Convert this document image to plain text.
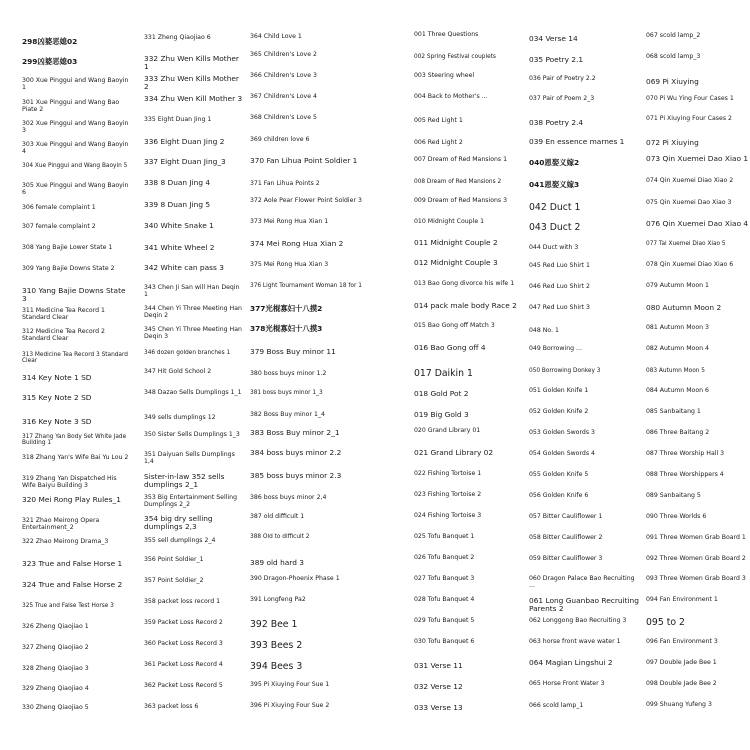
298凶婆恶媳02
299凶婆恶媳03
300 Xue Pinggui and Wang Baoyin 1
301 Xue Pinggui and Wang Bao Piate 2
302 Xue Pinggui and Wang Baoyin 3
303 Xue Pinggui and Wang Baoyin 4
304 Xue Pinggui and Wang Baoyin 5
305 Xue Pinggui and Wang Baoyin 6
306 female complaint 1
307 female complaint 2
308 Yang Bajie Lower State 1
309 Yang Bajie Downs State 2
310 Yang Bajie Downs State 3
311 Medicine Tea Record 1 Standard Clear
312 Medicine Tea Record 2 Standard Clear
313 Medicine Tea Record 3 Standard Clear
314 Key Note 1 SD
315 Key Note 2 SD
316 Key Note 3 SD
317 Zhang Yan Body Set White Jade Building 1
318 Zhang Yan's Wife Bai Yu Lou 2
319 Zhang Yan Dispatched His Wife Baiyu Building 3
320 Mei Rong Play Rules_1
321 Zhao Meirong Opera Entertainment_2
322 Zhao Meirong Drama_3
323 True and False Horse 1
324 True and False Horse 2
325 True and False Test Horse 3
326 Zheng Qiaojiao 1
327 Zheng Qiaojiao 2
328 Zheng Qiaojiao 3
329 Zheng Qiaojiao 4
330 Zheng Qiaojiao 5
331 Zheng Qiaojiao 6
332 Zhu Wen Kills Mother 1
333 Zhu Wen Kills Mother 2
334 Zhu Wen Kill Mother 3
335 Eight Duan Jing 1
336 Eight Duan Jing 2
337 Eight Duan Jing_3
338 8 Duan Jing 4
339 8 Duan Jing 5
340 White Snake 1
341 White Wheel 2
342 White can pass 3
343 Chen Ji San will Han Deqin 1
344 Chen Yi Three Meeting Han Deqin 2
345 Chen Yi Three Meeting Han Deqin 3
346 dozen golden branches 1
347 Hit Gold School 2
348 Dazao Sells Dumplings 1_1
349 sells dumplings 12
350 Sister Sells Dumplings 1_3
351 Daiyuan Sells Dumplings 1,4
Sister-in-law 352 sells dumplings 2_1
353 Big Entertainment Selling Dumplings 2_2
354 big dry selling dumplings 2,3
355 sell dumplings 2_4
356 Point Soldier_1
357 Point Soldier_2
358 packet loss record 1
359 Packet Loss Record 2
360 Packet Loss Record 3
361 Packet Loss Record 4
362 Packet Loss Record 5
363 packet loss 6
364 Child Love 1
365 Children's Love 2
366 Children's Love 3
367 Children's Love 4
368 Children's Love 5
369 children love 6
370 Fan Lihua Point Soldier 1
371 Fan Lihua Points 2
372 Aole Pear Flower Point Soldier 3
373 Mei Rong Hua Xian 1
374 Mei Rong Hua Xian 2
375 Mei Rong Hua Xian 3
376 Light Tournament Woman 18 for 1
377光棍寡妇十八摸2
378光棍寡妇十八摸3
379 Boss Buy minor 11
380 boss buys minor 1.2
381 boss buys minor 1_3
382 Boss Buy minor 1_4
383 Boss Buy minor 2_1
384 boss buys minor 2.2
385 boss buys minor 2.3
386 boss buys minor 2,4
387 old difficult 1
388 Old to difficult 2
389 old hard 3
390 Dragon-Phoenix Phase 1
391 Longfeng Pa2
392 Bee 1
393 Bees 2
394 Bees 3
395 Pi Xiuying Four Sue 1
396 Pi Xiuying Four Sue 2
001 Three Questions
002 Spring Festival couplets
003 Steering wheel
004 Back to Mother's ...
005 Red Light 1
006 Red Light 2
007 Dream of Red Mansions 1
008 Dream of Red Mansions 2
009 Dream of Red Mansions 3
010 Midnight Couple 1
011 Midnight Couple 2
012 Midnight Couple 3
013 Bao Gong divorce his wife 1
014 pack male body Race 2
015 Bao Gong off Match 3
016 Bao Gong off 4
017 Daikin 1
018 Gold Pot 2
019 Big Gold 3
020 Grand Library 01
021 Grand Library 02
022 Fishing Tortoise 1
023 Fishing Tortoise 2
024 Fishing Tortoise 3
025 Tofu Banquet 1
026 Tofu Banquet 2
027 Tofu Banquet 3
028 Tofu Banquet 4
029 Tofu Banquet 5
030 Tofu Banquet 6
031 Verse 11
032 Verse 12
033 Verse 13
034 Verse 14
035 Poetry 2.1
036 Pair of Poetry 2.2
037 Pair of Poem 2_3
038 Poetry 2.4
039 En essence marnes 1
040恩娶义嫁2
041恩娶义嫁3
042 Duct 1
043 Duct 2
044 Duct with 3
045 Red Luo Shirt 1
046 Red Luo Shirt 2
047 Red Luo Shirt 3
048 No. 1
049 Borrowing ...
050 Borrowing Donkey 3
051 Golden Knife 1
052 Golden Knife 2
053 Golden Swords 3
054 Golden Swords 4
055 Golden Knife 5
056 Golden Knife 6
057 Bitter Cauliflower 1
058 Bitter Cauliflower 2
059 Bitter Cauliflower 3
060 Dragon Palace Bao Recruiting ...
061 Long Guanbao Recruiting Parents 2
062 Longgong Bao Recruiting 3
063 horse front wave water 1
064 Magian Lingshui 2
065 Horse Front Water 3
066 scold lamp_1
067 scold lamp_2
068 scold lamp_3
069 Pi Xiuying
070 Pi Wu Ying Four Cases 1
071 Pi Xiuying Four Cases 2
072 Pi Xiuying
073 Qin Xuemei Dao Xiao 1
074 Qin Xuemei Diao Xiao 2
075 Qin Xuemei Dao Xiao 3
076 Qin Xuemei Dao Xiao 4
077 Tai Xuemei Diao Xiao 5
078 Qin Xuemei Diao Xiao 6
079 Autumn Moon 1
080 Autumn Moon 2
081 Autumn Moon 3
082 Autumn Moon 4
083 Autumn Moon 5
084 Autumn Moon 6
085 Sanbaitang 1
086 Three Baitang 2
087 Three Worship Hall 3
088 Three Worshippers 4
089 Sanbaitang 5
090 Three Worlds 6
091 Three Women Grab Board 1
092 Three Women Grab Board 2
093 Three Women Grab Board 3
094 Fan Environment 1
095 to 2
096 Fan Environment 3
097 Double Jade Bee 1
098 Double Jade Bee 2
099 Shuang Yufeng 3
